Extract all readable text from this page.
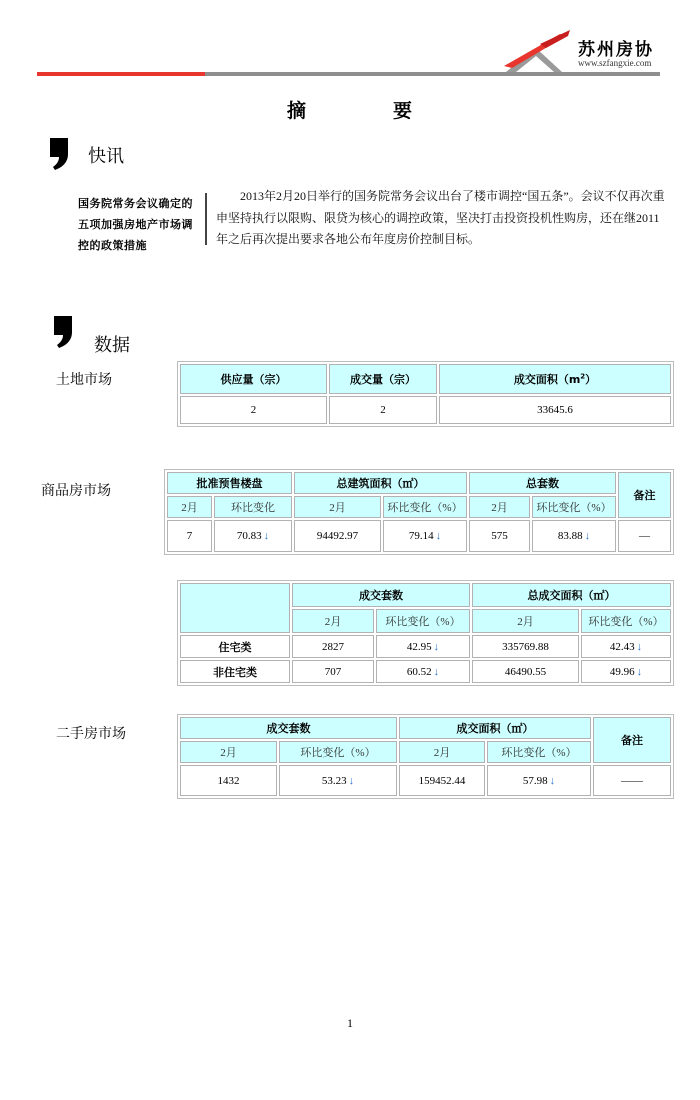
苏州房协
www.szfangxie.com
摘	要
快讯
国务院常务会议确定的五项加强房地产市场调控的政策措施
2013年2月20日举行的国务院常务会议出台了楼市调控“国五条”。会议不仅再次重申坚持执行以限购、限贷为核心的调控政策，坚决打击投资投机性购房，还在继2011年之后再次提出要求各地公布年度房价控制目标。
数据
土地市场	供应量（宗）	成交量（宗）	成交面积$(m^2)$
2	2	33645.6
商品房市场	批准预售楼盘		总建筑面积（㎡）		总套数		备注
2月	环比变化	2月	环比变化（%）	2月	环比变化（%）	
7	70.83 ↓	94492.97	79.14 ↓	575	83.88 ↓	—
	成交套数		总成交面积（㎡）	
	2月	环比变化（%）	2月	环比变化（%）
住宅类	2827	42.95 ↓	335769.88	42.43 ↓
非住宅类	707	60.52 ↓	46490.55	49.96 ↓
二手房市场	成交套数		成交面积（㎡）		备注
2月	环比变化（%）	2月	环比变化（%）	
1432	53.23 ↓	159452.44	57.98 ↓	——
1
